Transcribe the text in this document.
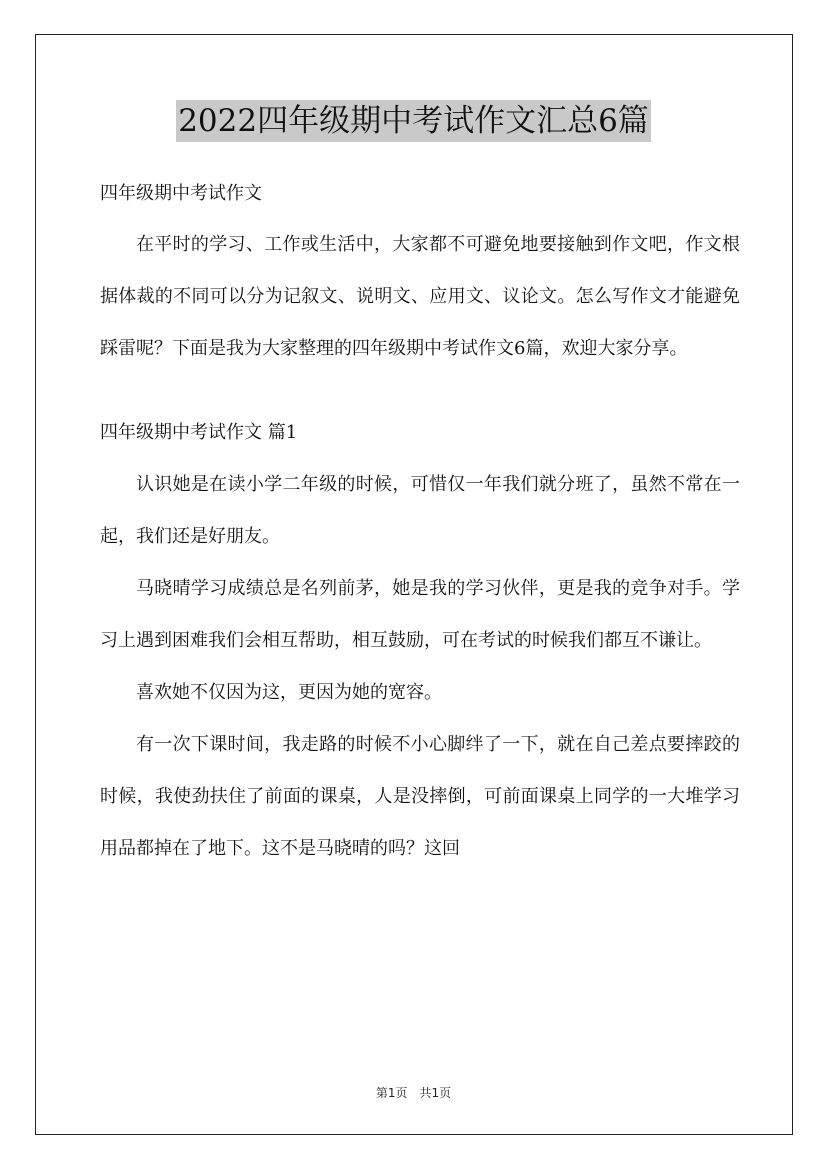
2022四年级期中考试作文汇总6篇

四年级期中考试作文

在平时的学习、工作或生活中，大家都不可避免地要接触到作文吧，作文根据体裁的不同可以分为记叙文、说明文、应用文、议论文。怎么写作文才能避免踩雷呢？下面是我为大家整理的四年级期中考试作文6篇，欢迎大家分享。

四年级期中考试作文 篇1

认识她是在读小学二年级的时候，可惜仅一年我们就分班了，虽然不常在一起，我们还是好朋友。

马晓晴学习成绩总是名列前茅，她是我的学习伙伴，更是我的竞争对手。学习上遇到困难我们会相互帮助，相互鼓励，可在考试的时候我们都互不谦让。

喜欢她不仅因为这，更因为她的宽容。

有一次下课时间，我走路的时候不小心脚绊了一下，就在自己差点要摔跤的时候，我使劲扶住了前面的课桌，人是没摔倒，可前面课桌上同学的一大堆学习用品都掉在了地下。这不是马晓晴的吗？这回

第1页　共1页
